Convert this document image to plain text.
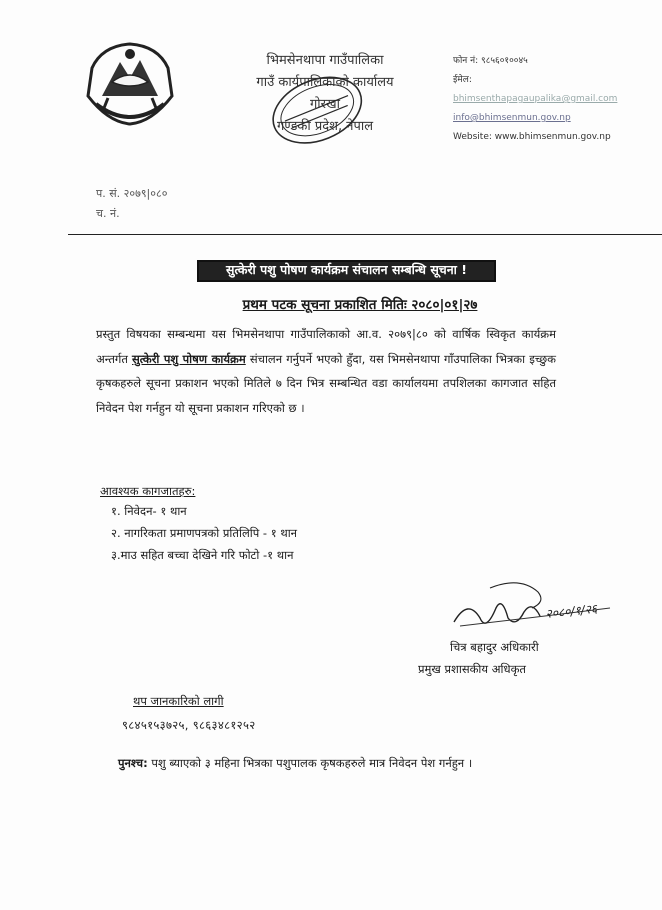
भिमसेनथापा गाउँपालिका
गाउँ कार्यपालिकाको कार्यालय
गोरखा
गण्डकी प्रदेश, नेपाल
फोन नं: ९८५६०१००४५
ईमेल:
bhimsenthapagaupalika@gmail.com
info@bhimsenmun.gov.np
Website: www.bhimsenmun.gov.np
प. सं. २०७९|०८०
च. नं.
सुत्केरी पशु पोषण कार्यक्रम संचालन सम्बन्धि सूचना !
प्रथम पटक सूचना प्रकाशित मितिः २०८०|०१|२७
प्रस्तुत विषयका सम्बन्धमा यस भिमसेनथापा गाउँपालिकाको आ.व. २०७९|८० को वार्षिक स्विकृत कार्यक्रम अन्तर्गत सुत्केरी पशु पोषण कार्यक्रम संचालन गर्नुपर्ने भएको हुँदा, यस भिमसेनथापा गाँउपालिका भित्रका इच्छुक कृषकहरुले सूचना प्रकाशन भएको मितिले ७ दिन भित्र सम्बन्धित वडा कार्यालयमा तपशिलका कागजात सहित निवेदन पेश गर्नहुन यो सूचना प्रकाशन गरिएको छ ।
आवश्यक कागजातहरु:
१. निवेदन- १ थान
२. नागरिकता प्रमाणपत्रको प्रतिलिपि - १ थान
३.माउ सहित बच्चा देखिने गरि फोटो -१ थान
२०८०/१/२६
चित्र बहादुर अधिकारी
प्रमुख प्रशासकीय अधिकृत
थप जानकारिको लागी
९८४५१५३७२५, ९८६३४८१२५२
पुनश्च: पशु ब्याएको ३ महिना भित्रका पशुपालक कृषकहरुले मात्र निवेदन पेश गर्नहुन ।
